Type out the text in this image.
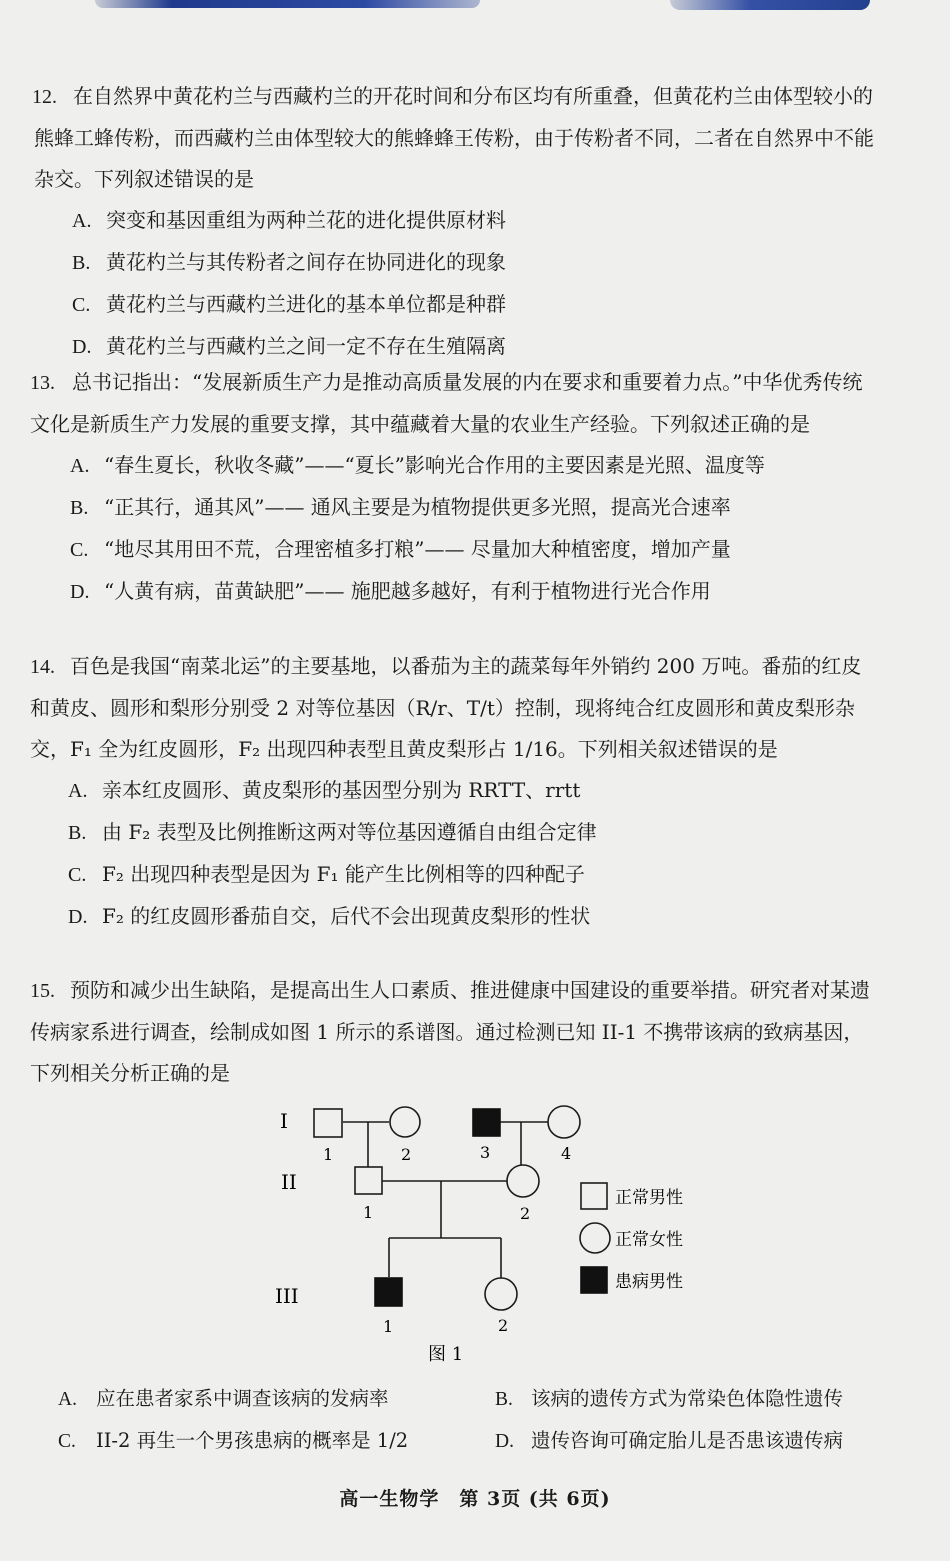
12. 在自然界中黄花杓兰与西藏杓兰的开花时间和分布区均有所重叠，但黄花杓兰由体型较小的熊蜂工蜂传粉，而西藏杓兰由体型较大的熊蜂蜂王传粉，由于传粉者不同，二者在自然界中不能杂交。下列叙述错误的是

A. 突变和基因重组为两种兰花的进化提供原材料

B. 黄花杓兰与其传粉者之间存在协同进化的现象

C. 黄花杓兰与西藏杓兰进化的基本单位都是种群

D. 黄花杓兰与西藏杓兰之间一定不存在生殖隔离

13. 总书记指出：“发展新质生产力是推动高质量发展的内在要求和重要着力点。”中华优秀传统文化是新质生产力发展的重要支撑，其中蕴藏着大量的农业生产经验。下列叙述正确的是

A. “春生夏长，秋收冬藏”——“夏长”影响光合作用的主要因素是光照、温度等

B. “正其行，通其风”—— 通风主要是为植物提供更多光照，提高光合速率

C. “地尽其用田不荒，合理密植多打粮”—— 尽量加大种植密度，增加产量

D. “人黄有病，苗黄缺肥”—— 施肥越多越好，有利于植物进行光合作用

14. 百色是我国“南菜北运”的主要基地，以番茄为主的蔬菜每年外销约 200 万吨。番茄的红皮和黄皮、圆形和梨形分别受 2 对等位基因（R/r、T/t）控制，现将纯合红皮圆形和黄皮梨形杂交，F₁ 全为红皮圆形，F₂ 出现四种表型且黄皮梨形占 1/16。下列相关叙述错误的是

A. 亲本红皮圆形、黄皮梨形的基因型分别为 RRTT、rrtt

B. 由 F₂ 表型及比例推断这两对等位基因遵循自由组合定律

C. F₂ 出现四种表型是因为 F₁ 能产生比例相等的四种配子

D. F₂ 的红皮圆形番茄自交，后代不会出现黄皮梨形的性状

15. 预防和减少出生缺陷，是提高出生人口素质、推进健康中国建设的重要举措。研究者对某遗传病家系进行调查，绘制成如图 1 所示的系谱图。通过检测已知 II-1 不携带该病的致病基因，下列相关分析正确的是

I
II
III
1	2	3	4
1	2
1	2
正常男性
正常女性
患病男性
图 1
A. 应在患者家系中调查该病的发病率	B. 该病的遗传方式为常染色体隐性遗传
C. II-2 再生一个男孩患病的概率是 1/2	D. 遗传咨询可确定胎儿是否患该遗传病
高一生物学　第 3页 (共 6页)
